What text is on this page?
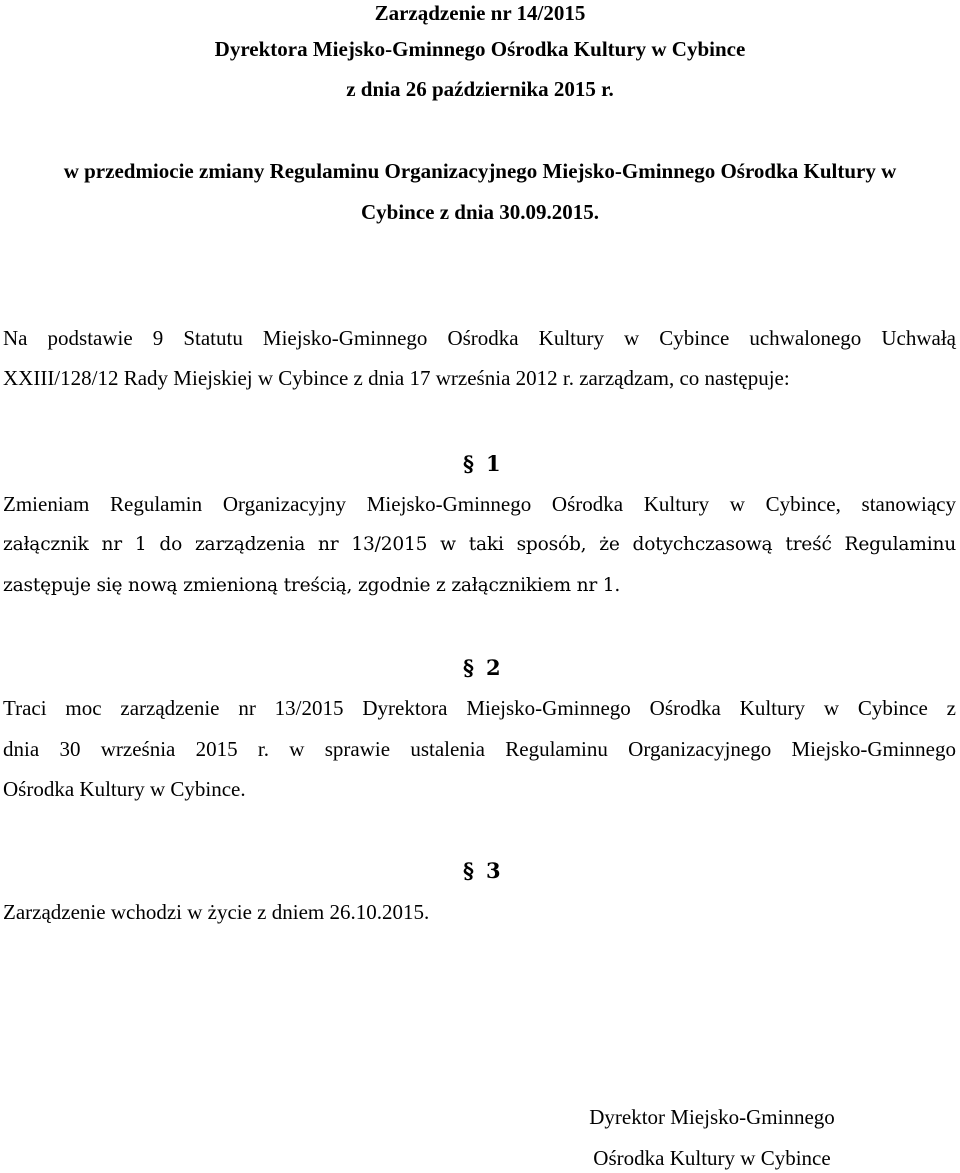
Zarządzenie nr 14/2015
Dyrektora Miejsko-Gminnego Ośrodka Kultury w Cybince
z dnia 26 października 2015 r.
w przedmiocie zmiany Regulaminu Organizacyjnego Miejsko-Gminnego Ośrodka Kultury w
Cybince z dnia 30.09.2015.
Na podstawie 9 Statutu Miejsko-Gminnego Ośrodka Kultury w Cybince uchwalonego Uchwałą
XXIII/128/12 Rady Miejskiej w Cybince z dnia 17 września 2012 r. zarządzam, co następuje:
§ 1
Zmieniam Regulamin Organizacyjny Miejsko-Gminnego Ośrodka Kultury w Cybince, stanowiący
załącznik nr 1 do zarządzenia nr 13/2015 w taki sposób, że dotychczasową treść Regulaminu
zastępuje się nową zmienioną treścią, zgodnie z załącznikiem nr 1.
§ 2
Traci moc zarządzenie nr 13/2015 Dyrektora Miejsko-Gminnego Ośrodka Kultury w Cybince z
dnia 30 września 2015 r. w sprawie ustalenia Regulaminu Organizacyjnego Miejsko-Gminnego
Ośrodka Kultury w Cybince.
§ 3
Zarządzenie wchodzi w życie z dniem 26.10.2015.
Dyrektor Miejsko-Gminnego
Ośrodka Kultury w Cybince
